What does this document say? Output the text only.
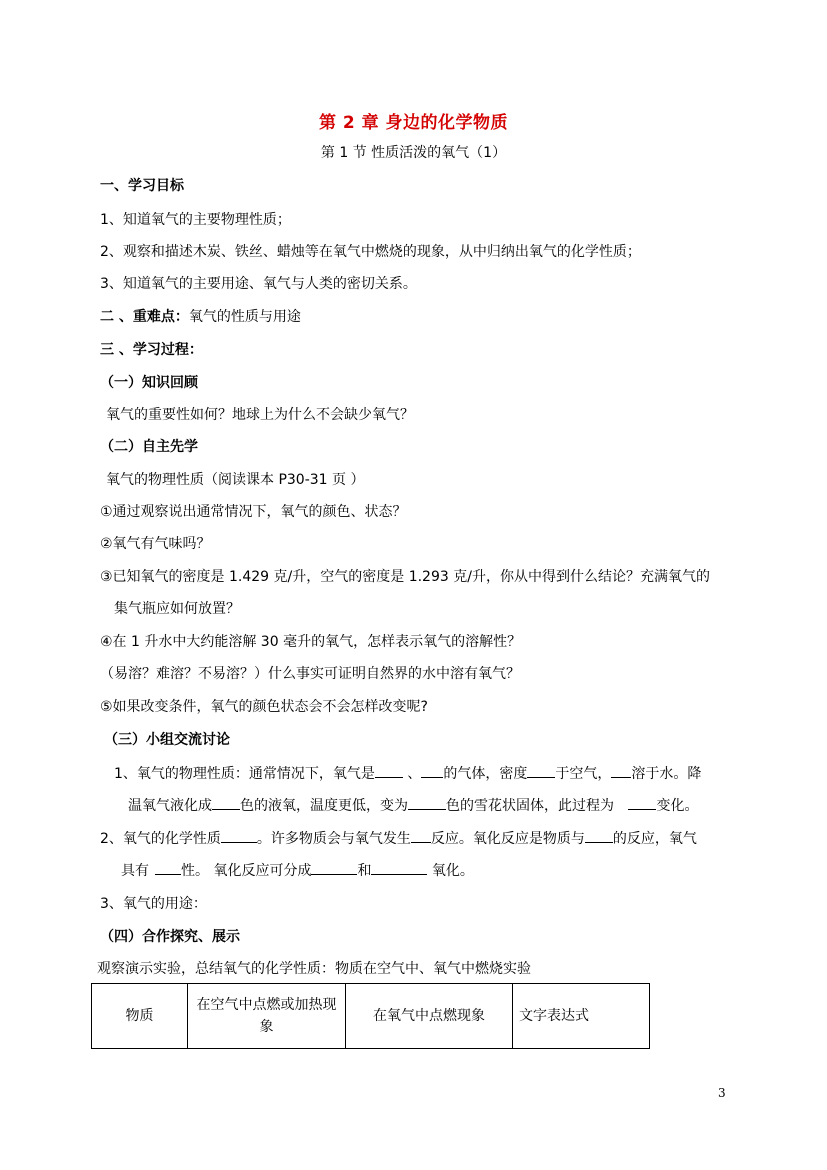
第 2 章 身边的化学物质
第 1 节 性质活泼的氧气（1）
一、学习目标
1、知道氧气的主要物理性质；
2、观察和描述木炭、铁丝、蜡烛等在氧气中燃烧的现象，从中归纳出氧气的化学性质；
3、知道氧气的主要用途、氧气与人类的密切关系。
二 、重难点：氧气的性质与用途
三 、学习过程：
（一）知识回顾
氧气的重要性如何？地球上为什么不会缺少氧气？
（二）自主先学
氧气的物理性质（阅读课本 P30-31 页 ）
①通过观察说出通常情况下，氧气的颜色、状态？
②氧气有气味吗？
③已知氧气的密度是 1.429 克/升，空气的密度是 1.293 克/升，你从中得到什么结论？充满氧气的
集气瓶应如何放置？
④在 1 升水中大约能溶解 30 毫升的氧气，怎样表示氧气的溶解性？
（易溶？难溶？不易溶？）什么事实可证明自然界的水中溶有氧气？
⑤如果改变条件，氧气的颜色状态会不会怎样改变呢?
（三）小组交流讨论
1、氧气的物理性质：通常情况下，氧气是 、 的气体，密度 于空气， 溶于水。降
温氧气液化成 色的液氧，温度更低，变为	色的雪花状固体，此过程为	变化。
2、氧气的化学性质	。许多物质会与氧气发生 反应。氧化反应是物质与 的反应，氧气
具有 性。 氧化反应可分成	和	氧化。
3、氧气的用途：
（四）合作探究、展示
观察演示实验，总结氧气的化学性质：物质在空气中、氧气中燃烧实验
物质	在空气中点燃或加热现象	在氧气中点燃现象	文字表达式
3
